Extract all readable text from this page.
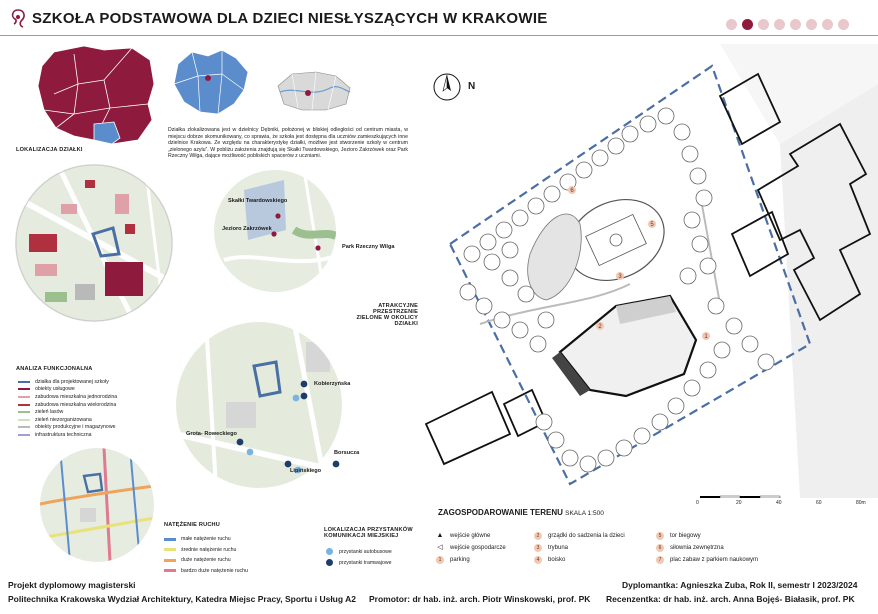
SZKOŁA PODSTAWOWA DLA DZIECI NIESŁYSZĄCYCH W KRAKOWIE
Działka zlokalizowana jest w dzielnicy Dębniki, położonej w bliskiej odległości od centrum miasta, w miejscu dobrze skomunikowany, co sprawia, że szkoła jest dostępna dla uczniów zamieszkujących inne dzielnice Krakowa. Ze względu na charakterystykę działki, możliwe jest stworzenie szkoły w centrum „zielonego azylu”. W pobliżu założenia znajdują się Skałki Twardowskiego, Jezioro Zakrzówek oraz Park Rzeczny Wilga, dające możliwość pobliskich spacerów z uczniami.
LOKALIZACJA DZIAŁKI
Skałki Twardowskiego
Jezioro Zakrzówek
Park Rzeczny Wilga
ATRAKCYJNE PRZESTRZENIE
ZIELONE W OKOLICY DZIAŁKI
ANALIZA FUNKCJONALNA
działka dla projektowanej szkoły
obiekty usługowe
zabudowa mieszkalna jednorodzina
zabudowa mieszkalna wielorodzina
zieleń lasów
zieleń niezorganizowana
obiekty produkcyjne i magazynowe
infrastruktura techniczna
Kobierzyńska
Grota- Roweckiego
Borsucza
Lipińskiego
NATĘŻENIE RUCHU
małe natężenie ruchu
średnie natężenie ruchu
duże natężenie ruchu
bardzo duże natężenie ruchu
LOKALIZACJA PRZYSTANKÓW
KOMUNIKACJI MIEJSKIEJ
przystanki autobusowe
przystanki tramwajowe
1
2
5
3
6
N
ZAGOSPODAROWANIE TERENU SKALA 1:500
0	20	40	60	80m
▲ wejście główne
◁ wejście gospodarcze
1	parking
2	grządki do sadzenia la dzieci
3	trybuna
4	boisko
5	tor biegowy
6	siłownia zewnętrzna
7	plac zabaw z parkiem naukowym
Projekt dyplomowy magisterski
Politechnika Krakowska Wydział Architektury, Katedra Miejsc Pracy, Sportu i Usług A2 Promotor: dr hab. inż. arch. Piotr Winskowski, prof. PK
Dyplomantka: Agnieszka Zuba, Rok II, semestr I 2023/2024
Recenzentka: dr hab. inż. arch. Anna Bojęś- Białasik, prof. PK
